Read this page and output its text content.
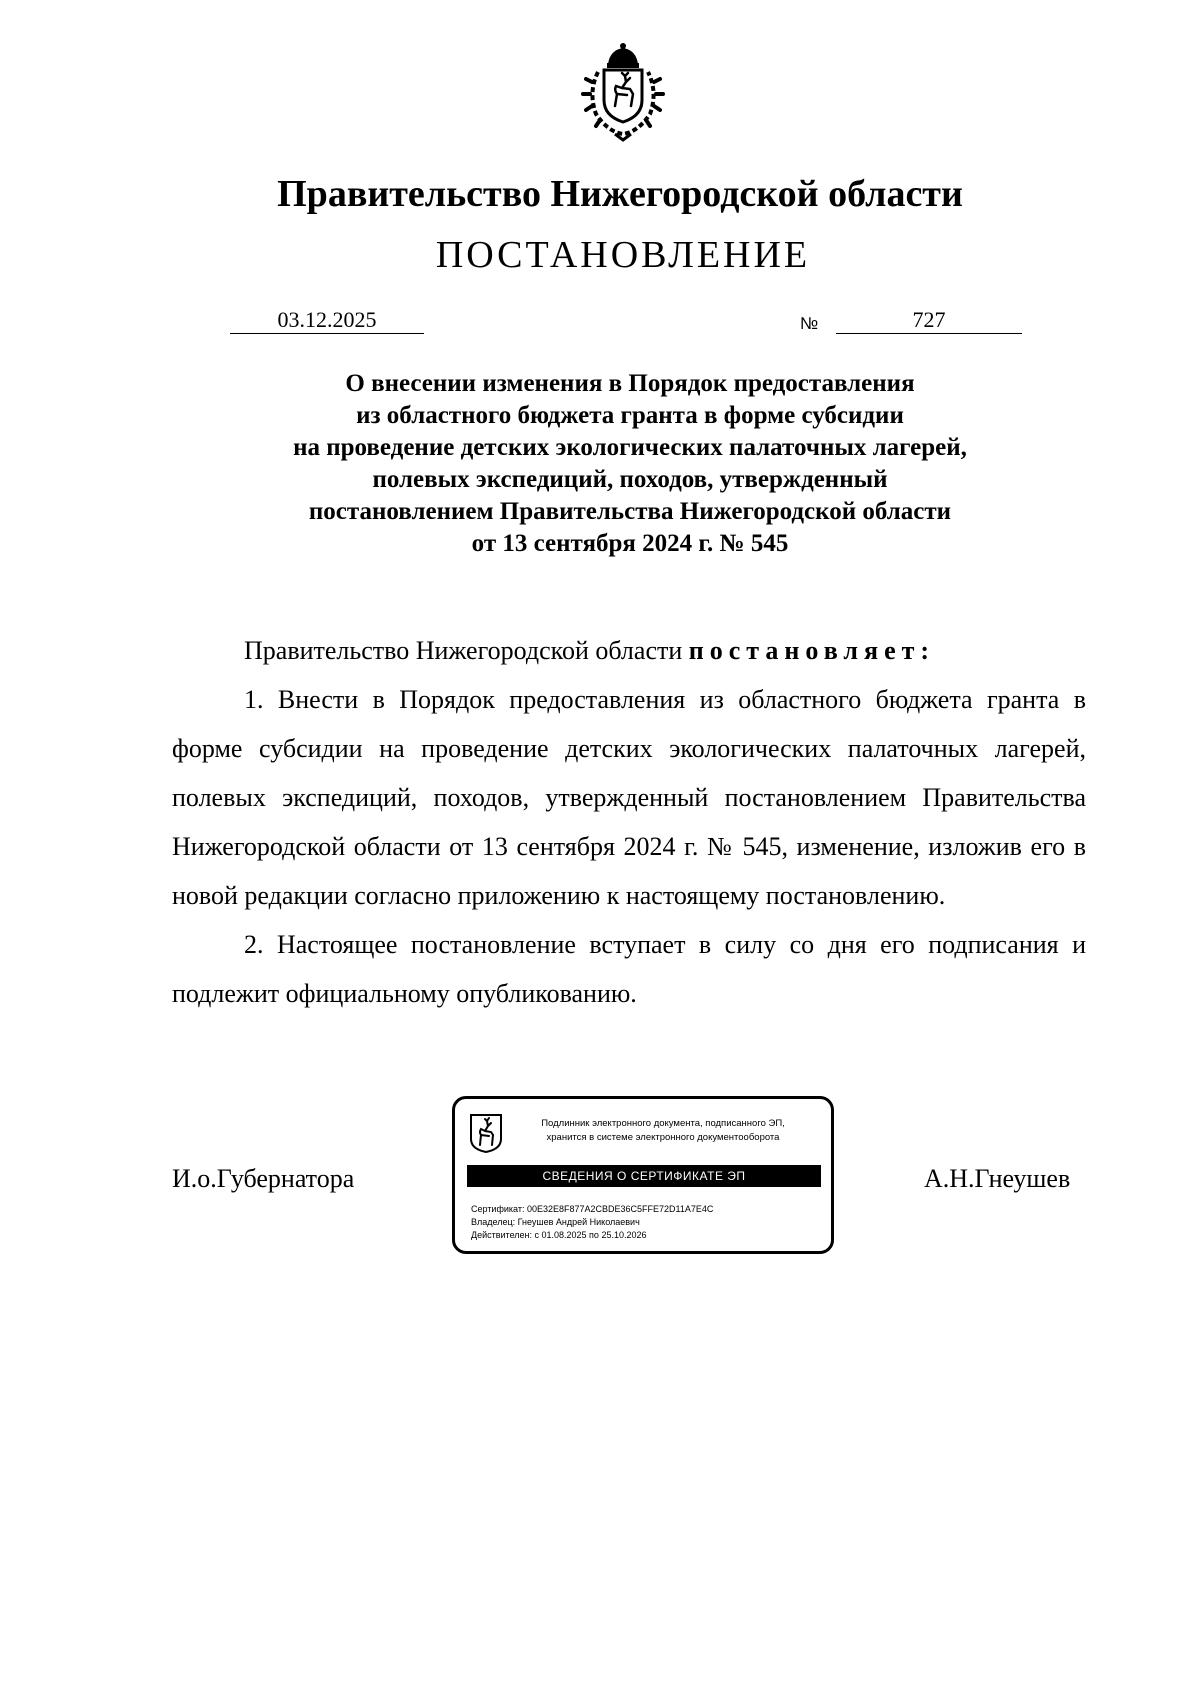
Правительство Нижегородской области
ПОСТАНОВЛЕНИЕ
03.12.2025	№	727
О внесении изменения в Порядок предоставления
из областного бюджета гранта в форме субсидии
на проведение детских экологических палаточных лагерей,
полевых экспедиций, походов, утвержденный
постановлением Правительства Нижегородской области
от 13 сентября 2024 г. № 545

Правительство Нижегородской области постановляет:

1. Внести в Порядок предоставления из областного бюджета гранта в форме субсидии на проведение детских экологических палаточных лагерей, полевых экспедиций, походов, утвержденный постановлением Правительства Нижегородской области от 13 сентября 2024 г. № 545, изменение, изложив его в новой редакции согласно приложению к настоящему постановлению.

2. Настоящее постановление вступает в силу со дня его подписания и подлежит официальному опубликованию.

И.о.Губернатора	А.Н.Гнеушев
Подлинник электронного документа, подписанного ЭП,
хранится в системе электронного документооборота
СВЕДЕНИЯ О СЕРТИФИКАТЕ ЭП
Сертификат: 00E32E8F877A2CBDE36C5FFE72D11A7E4C
Владелец: Гнеушев Андрей Николаевич
Действителен: с 01.08.2025 по 25.10.2026
